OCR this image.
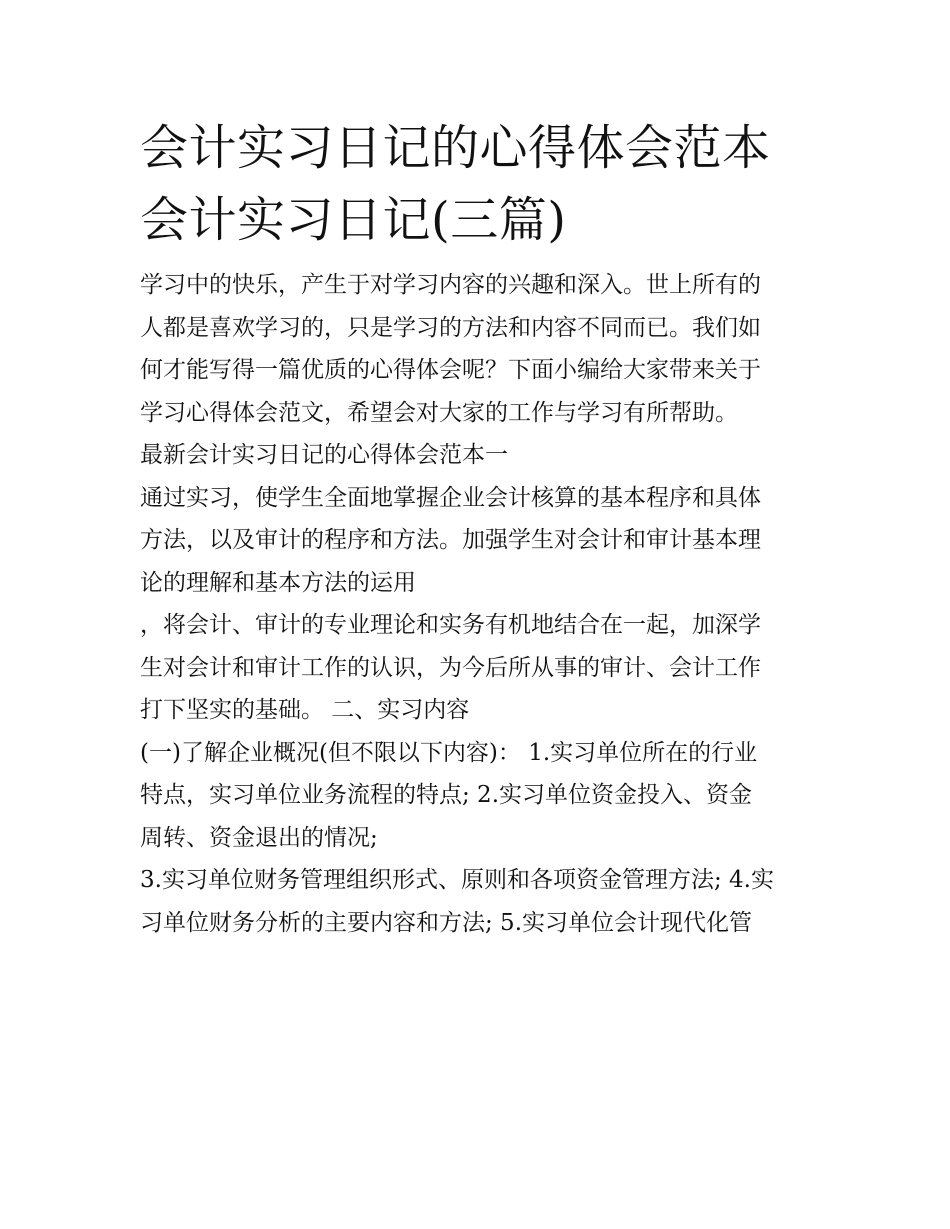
会计实习日记的心得体会范本
会计实习日记(三篇)

学习中的快乐，产生于对学习内容的兴趣和深入。世上所有的
人都是喜欢学习的，只是学习的方法和内容不同而已。我们如
何才能写得一篇优质的心得体会呢？下面小编给大家带来关于
学习心得体会范文，希望会对大家的工作与学习有所帮助。

最新会计实习日记的心得体会范本一

通过实习，使学生全面地掌握企业会计核算的基本程序和具体
方法，以及审计的程序和方法。加强学生对会计和审计基本理
论的理解和基本方法的运用

，将会计、审计的专业理论和实务有机地结合在一起，加深学
生对会计和审计工作的认识，为今后所从事的审计、会计工作
打下坚实的基础。 二、实习内容

(一)了解企业概况(但不限以下内容)： 1.实习单位所在的行业
特点，实习单位业务流程的特点; 2.实习单位资金投入、资金
周转、资金退出的情况;

3.实习单位财务管理组织形式、原则和各项资金管理方法; 4.实
习单位财务分析的主要内容和方法; 5.实习单位会计现代化管
